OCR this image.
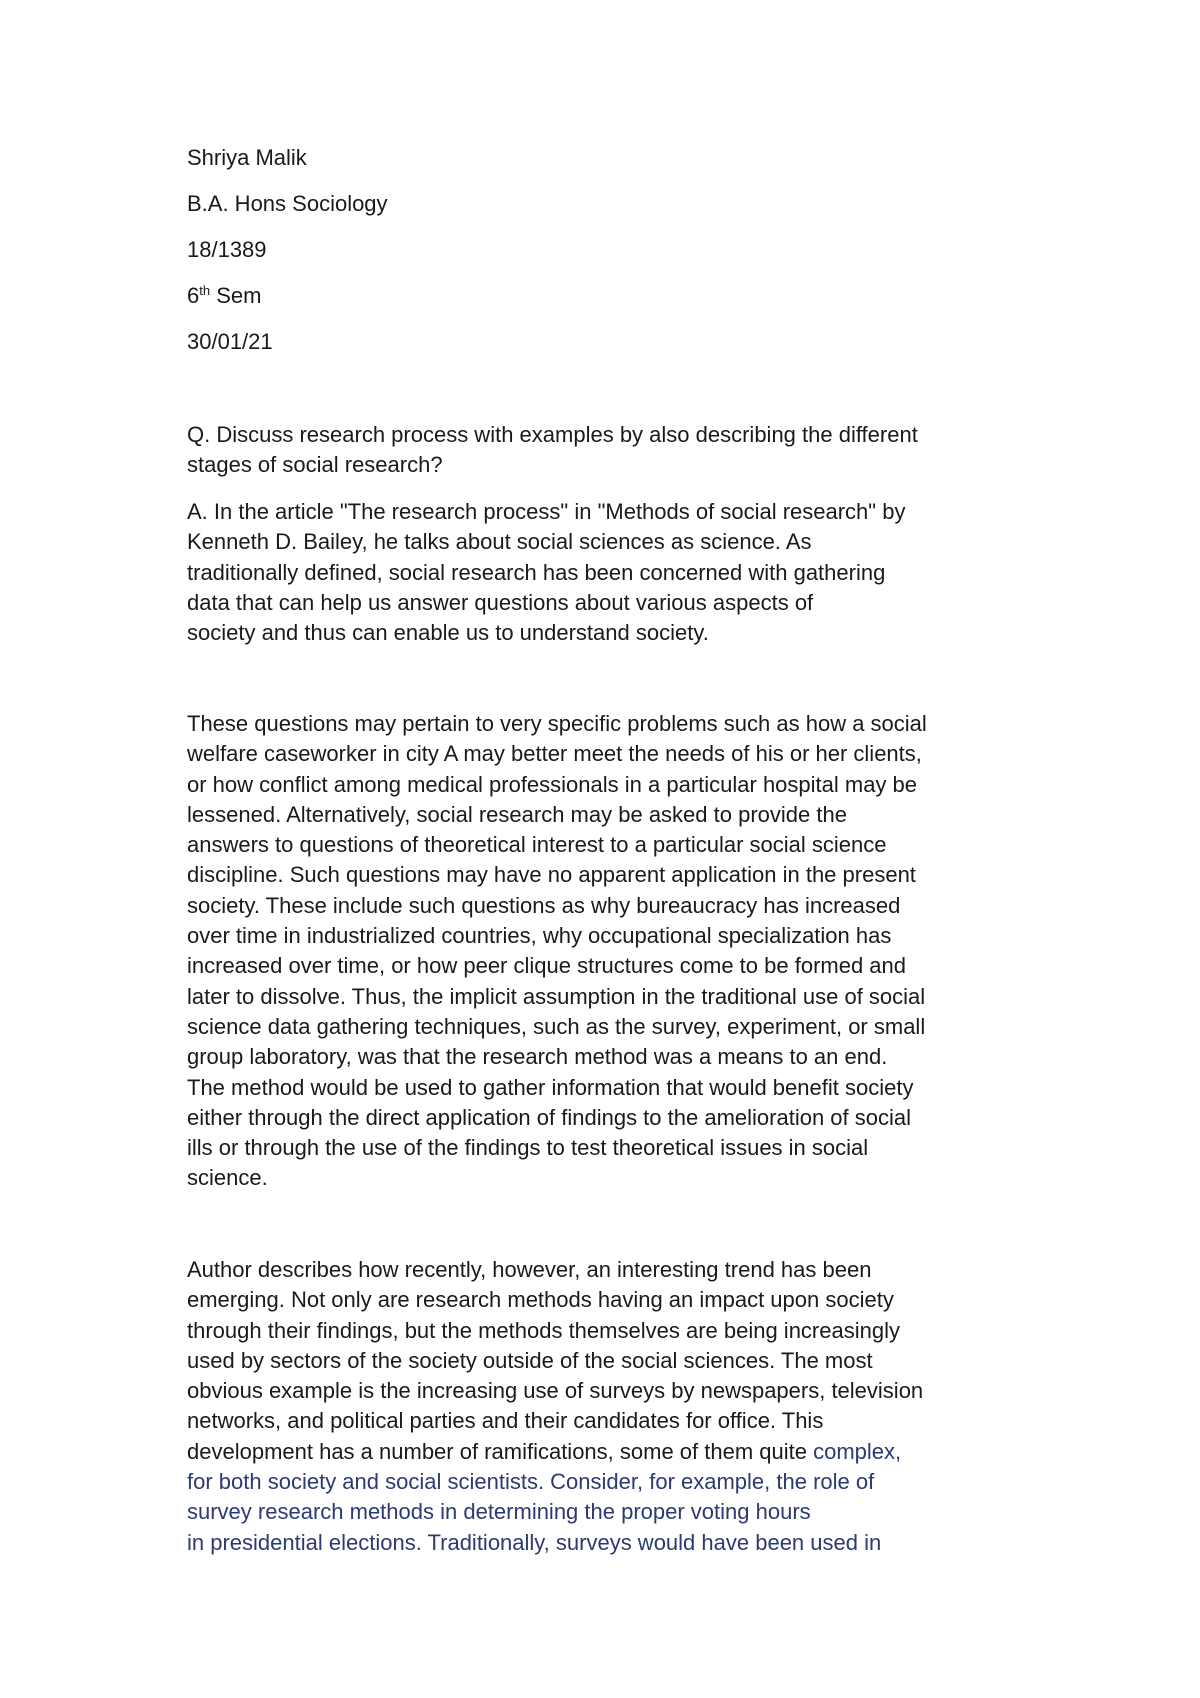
Shriya Malik
B.A. Hons Sociology
18/1389
6th Sem
30/01/21
Q. Discuss research process with examples by also describing the different
stages of social research?
A. In the article "The research process" in "Methods of social research" by
Kenneth D. Bailey, he talks about social sciences as science. As
traditionally defined, social research has been concerned with gathering
data that can help us answer questions about various aspects of
society and thus can enable us to understand society.
These questions may pertain to very specific problems such as how a social
welfare caseworker in city A may better meet the needs of his or her clients,
or how conflict among medical professionals in a particular hospital may be
lessened. Alternatively, social research may be asked to provide the
answers to questions of theoretical interest to a particular social science
discipline. Such questions may have no apparent application in the present
society. These include such questions as why bureaucracy has increased
over time in industrialized countries, why occupational specialization has
increased over time, or how peer clique structures come to be formed and
later to dissolve. Thus, the implicit assumption in the traditional use of social
science data gathering techniques, such as the survey, experiment, or small
group laboratory, was that the research method was a means to an end.
The method would be used to gather information that would benefit society
either through the direct application of findings to the amelioration of social
ills or through the use of the findings to test theoretical issues in social
science.
Author describes how recently, however, an interesting trend has been
emerging. Not only are research methods having an impact upon society
through their findings, but the methods themselves are being increasingly
used by sectors of the society outside of the social sciences. The most
obvious example is the increasing use of surveys by newspapers, television
networks, and political parties and their candidates for office. This
development has a number of ramifications, some of them quite complex,
for both society and social scientists. Consider, for example, the role of
survey research methods in determining the proper voting hours
in presidential elections. Traditionally, surveys would have been used in
